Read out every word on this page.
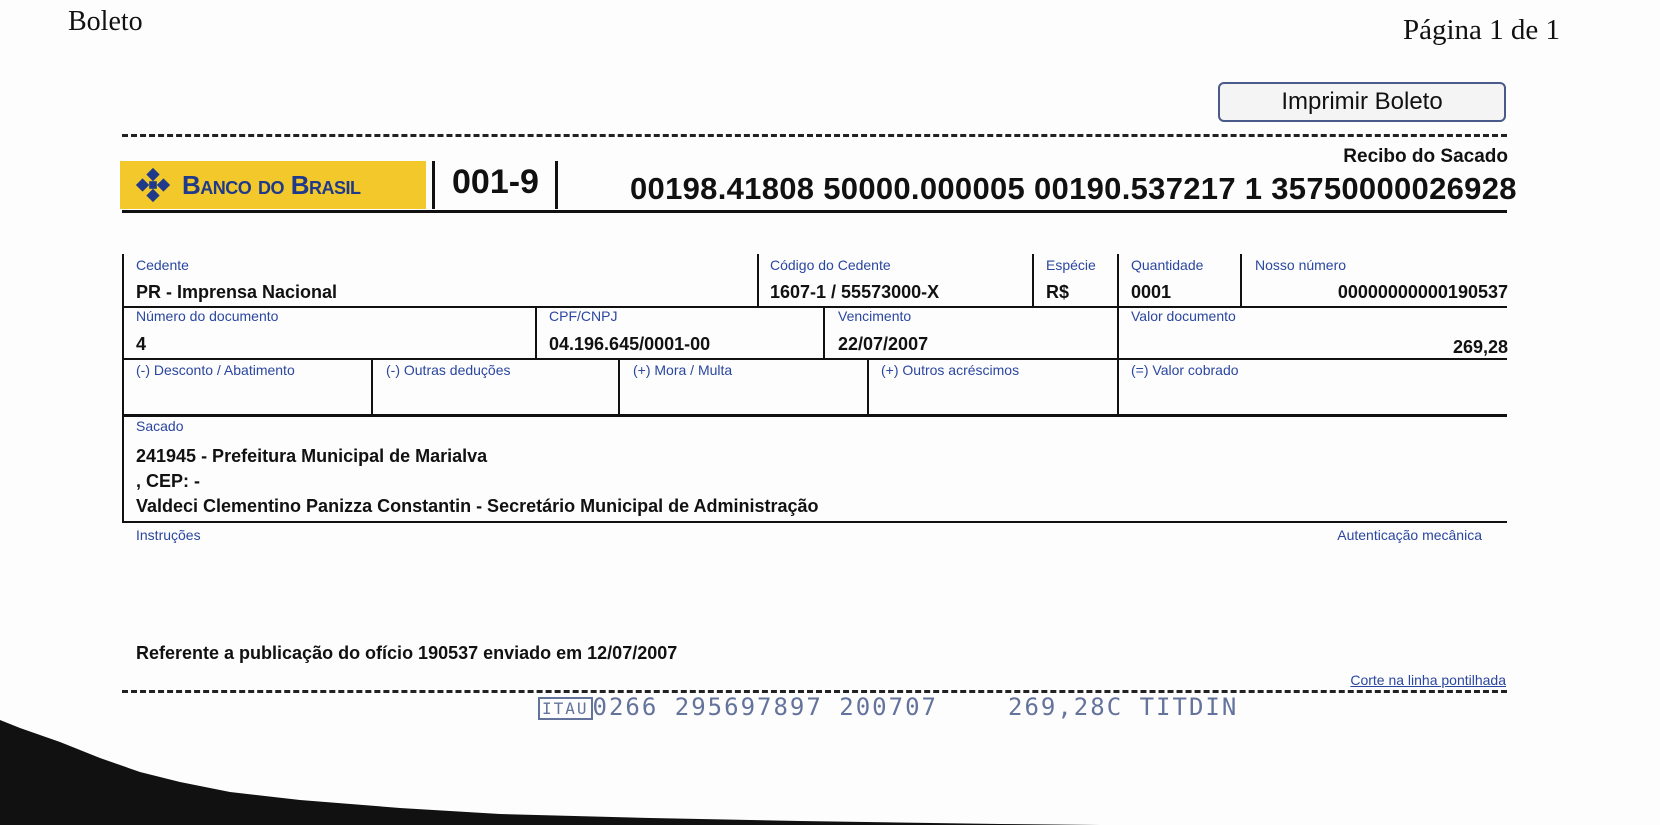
Boleto	Página 1 de 1
Imprimir Boleto
Recibo do Sacado
Banco do Brasil	001-9	00198.41808 50000.000005 00190.537217 1 35750000026928
Cedente
PR - Imprensa Nacional
Código do Cedente
1607-1 / 55573000-X
Espécie
R$
Quantidade
0001
Nosso número
00000000000190537
Número do documento
4
CPF/CNPJ
04.196.645/0001-00
Vencimento
22/07/2007
Valor documento
269,28
(-) Desconto / Abatimento	(-) Outras deduções	(+) Mora / Multa	(+) Outros acréscimos	(=) Valor cobrado
Sacado
241945 - Prefeitura Municipal de Marialva
, CEP: -
Valdeci Clementino Panizza Constantin - Secretário Municipal de Administração
Instruções	Autenticação mecânica
Referente a publicação do ofício 190537 enviado em 12/07/2007
Corte na linha pontilhada
ITAU 0266 295697897 200707	269,28C TITDIN
